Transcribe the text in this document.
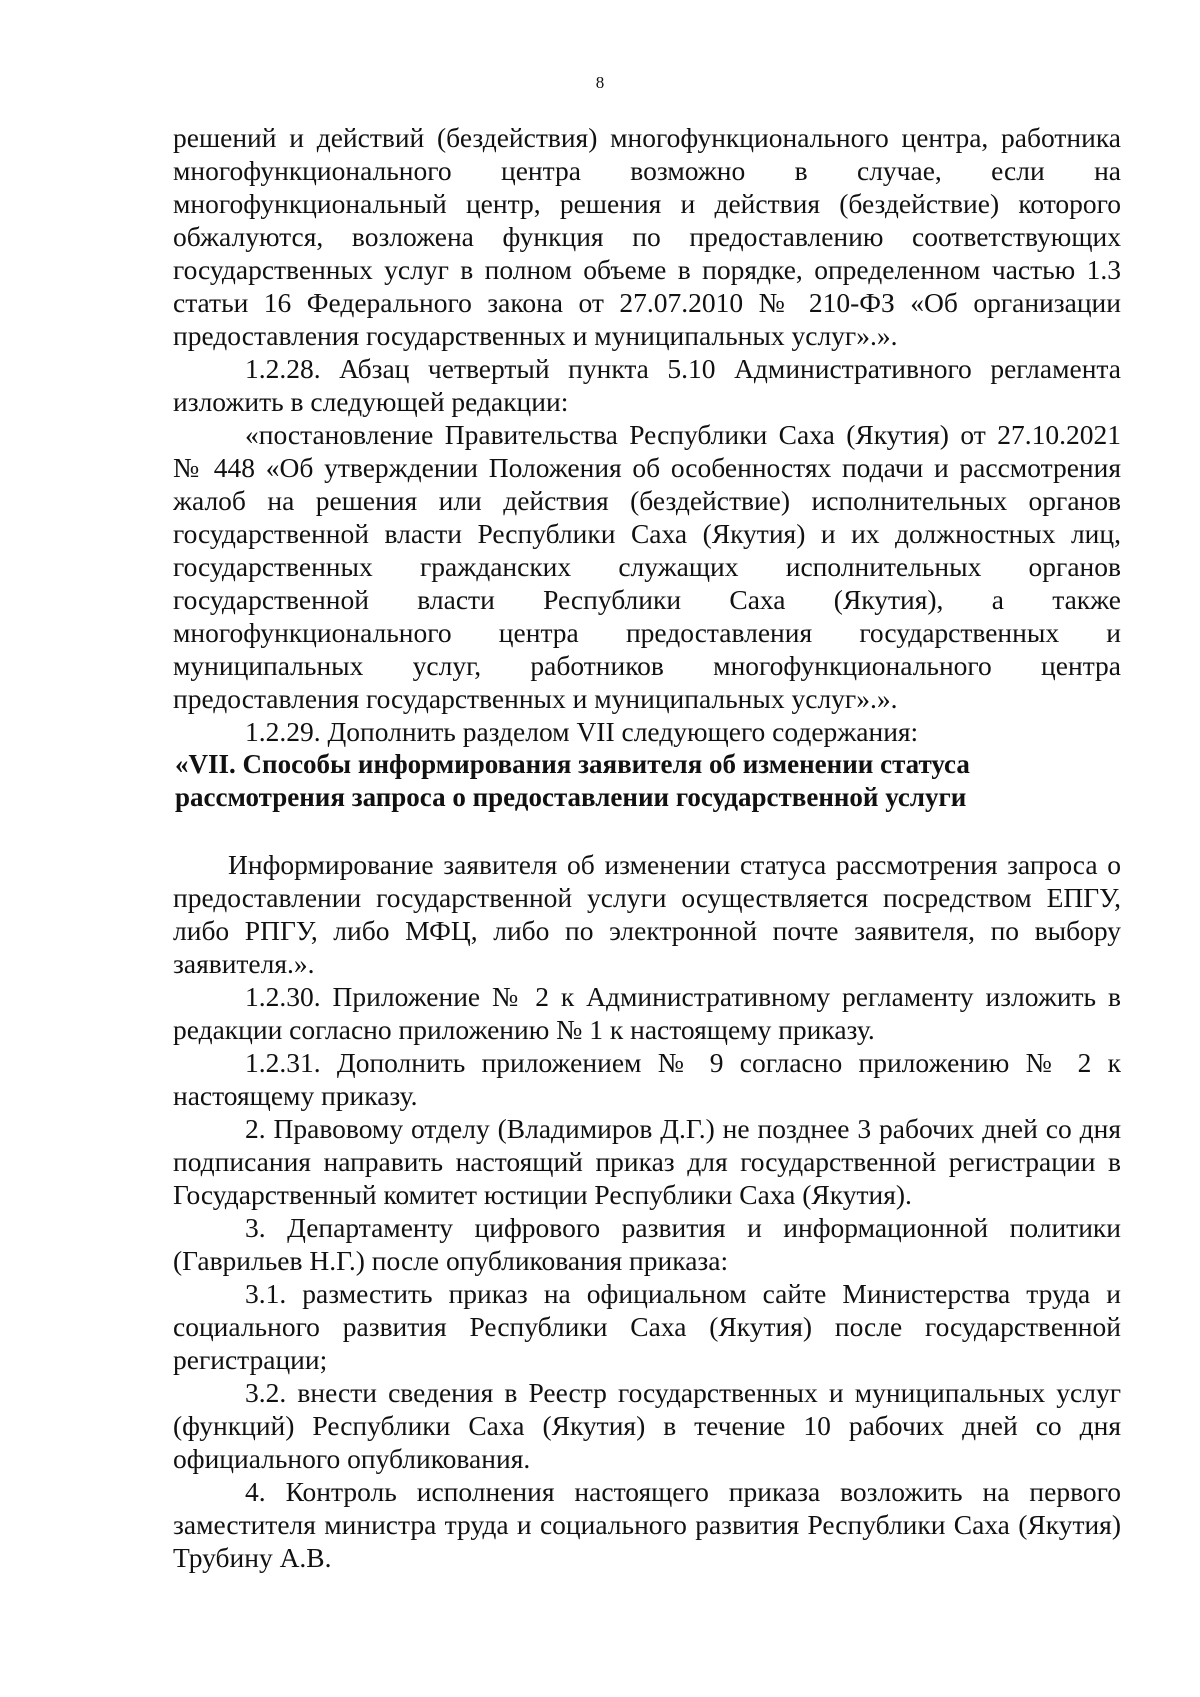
8

решений и действий (бездействия) многофункционального центра, работника многофункционального центра возможно в случае, если на многофункциональный центр, решения и действия (бездействие) которого обжалуются, возложена функция по предоставлению соответствующих государственных услуг в полном объеме в порядке, определенном частью 1.3 статьи 16 Федерального закона от 27.07.2010 № 210-ФЗ «Об организации предоставления государственных и муниципальных услуг».».

1.2.28. Абзац четвертый пункта 5.10 Административного регламента изложить в следующей редакции:

«постановление Правительства Республики Саха (Якутия) от 27.10.2021 № 448 «Об утверждении Положения об особенностях подачи и рассмотрения жалоб на решения или действия (бездействие) исполнительных органов государственной власти Республики Саха (Якутия) и их должностных лиц, государственных гражданских служащих исполнительных органов государственной власти Республики Саха (Якутия), а также многофункционального центра предоставления государственных и муниципальных услуг, работников многофункционального центра предоставления государственных и муниципальных услуг».».

1.2.29. Дополнить разделом VII следующего содержания:

«VII. Способы информирования заявителя об изменении статуса

рассмотрения запроса о предоставлении государственной услуги

Информирование заявителя об изменении статуса рассмотрения запроса о предоставлении государственной услуги осуществляется посредством ЕПГУ, либо РПГУ, либо МФЦ, либо по электронной почте заявителя, по выбору заявителя.».

1.2.30. Приложение № 2 к Административному регламенту изложить в редакции согласно приложению № 1 к настоящему приказу.

1.2.31. Дополнить приложением № 9 согласно приложению № 2 к настоящему приказу.

2. Правовому отделу (Владимиров Д.Г.) не позднее 3 рабочих дней со дня подписания направить настоящий приказ для государственной регистрации в Государственный комитет юстиции Республики Саха (Якутия).

3. Департаменту цифрового развития и информационной политики (Гаврильев Н.Г.) после опубликования приказа:

3.1. разместить приказ на официальном сайте Министерства труда и социального развития Республики Саха (Якутия) после государственной регистрации;

3.2. внести сведения в Реестр государственных и муниципальных услуг (функций) Республики Саха (Якутия) в течение 10 рабочих дней со дня официального опубликования.

4. Контроль исполнения настоящего приказа возложить на первого заместителя министра труда и социального развития Республики Саха (Якутия) Трубину А.В.
